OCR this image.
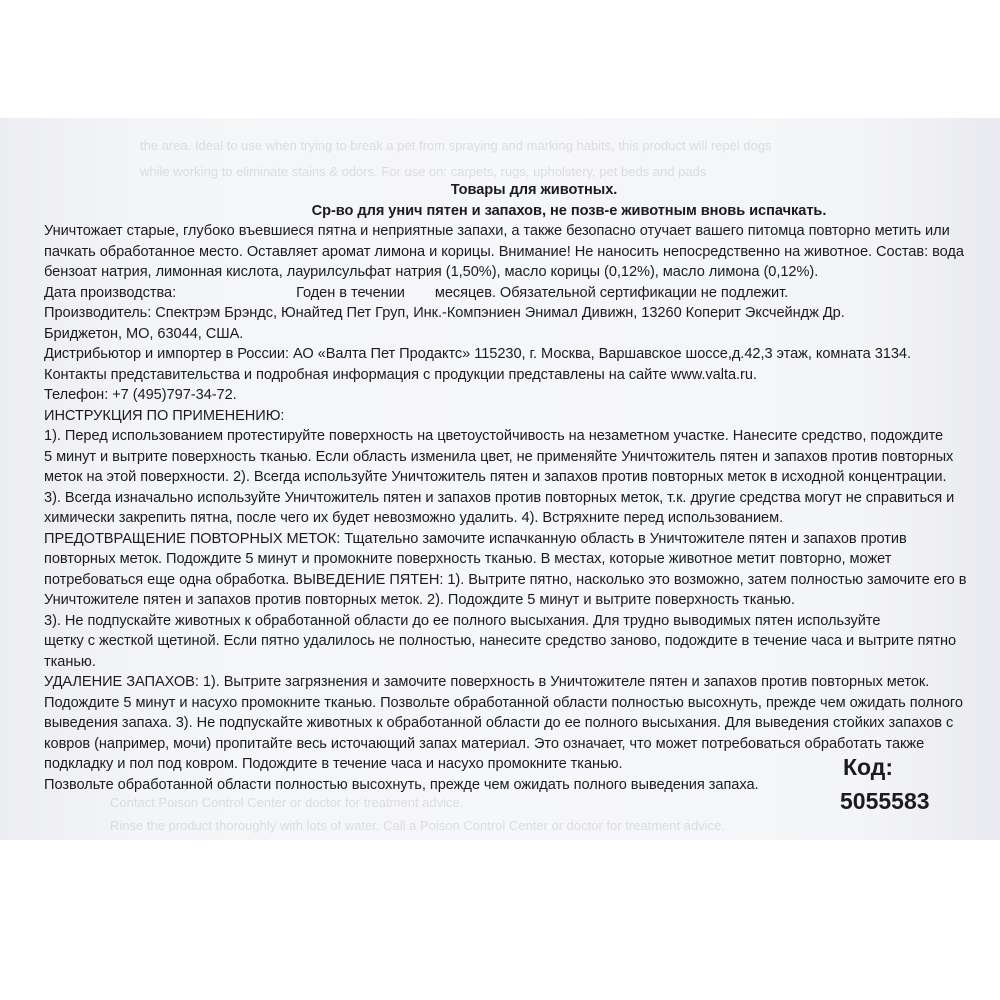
the area. Ideal to use when trying to break a pet from spraying and marking habits, this product will repel dogs
while working to eliminate stains & odors. For use on: carpets, rugs, upholstery, pet beds and pads
Contact Poison Control Center or doctor for treatment advice.
Rinse the product thoroughly with lots of water. Call a Poison Control Center or doctor for treatment advice.
Товары для животных.
Ср-во для унич пятен и запахов, не позв-е животным вновь испачкать.
Уничтожает старые, глубоко въевшиеся пятна и неприятные запахи, а также безопасно отучает вашего питомца повторно метить или
пачкать обработанное место. Оставляет аромат лимона и корицы. Внимание! Не наносить непосредственно на животное. Состав: вода
бензоат натрия, лимонная кислота, лаурилсульфат натрия (1,50%), масло корицы (0,12%), масло лимона (0,12%).
Дата производства:	Годен в течении месяцев. Обязательной сертификации не подлежит.
Производитель: Спектрэм Брэндс, Юнайтед Пет Груп, Инк.-Компэниен Энимал Дивижн, 13260 Коперит Эксчейндж Др.
Бриджетон, МО, 63044, США.
Дистрибьютор и импортер в России: АО «Валта Пет Продактс» 115230, г. Москва, Варшавское шоссе,д.42,3 этаж, комната 3134.
Контакты представительства и подробная информация с продукции представлены на сайте www.valta.ru.
Телефон: +7 (495)797-34-72.
ИНСТРУКЦИЯ ПО ПРИМЕНЕНИЮ:
1). Перед использованием протестируйте поверхность на цветоустойчивость на незаметном участке. Нанесите средство, подождите
5 минут и вытрите поверхность тканью. Если область изменила цвет, не применяйте Уничтожитель пятен и запахов против повторных
меток на этой поверхности. 2). Всегда используйте Уничтожитель пятен и запахов против повторных меток в исходной концентрации.
3). Всегда изначально используйте Уничтожитель пятен и запахов против повторных меток, т.к. другие средства могут не справиться и
химически закрепить пятна, после чего их будет невозможно удалить. 4). Встряхните перед использованием.
ПРЕДОТВРАЩЕНИЕ ПОВТОРНЫХ МЕТОК: Тщательно замочите испачканную область в Уничтожителе пятен и запахов против
повторных меток. Подождите 5 минут и промокните поверхность тканью. В местах, которые животное метит повторно, может
потребоваться еще одна обработка. ВЫВЕДЕНИЕ ПЯТЕН: 1). Вытрите пятно, насколько это возможно, затем полностью замочите его в
Уничтожителе пятен и запахов против повторных меток. 2). Подождите 5 минут и вытрите поверхность тканью.
3). Не подпускайте животных к обработанной области до ее полного высыхания. Для трудно выводимых пятен используйте
щетку с жесткой щетиной. Если пятно удалилось не полностью, нанесите средство заново, подождите в течение часа и вытрите пятно
тканью.
УДАЛЕНИЕ ЗАПАХОВ: 1). Вытрите загрязнения и замочите поверхность в Уничтожителе пятен и запахов против повторных меток.
Подождите 5 минут и насухо промокните тканью. Позвольте обработанной области полностью высохнуть, прежде чем ожидать полного
выведения запаха. 3). Не подпускайте животных к обработанной области до ее полного высыхания. Для выведения стойких запахов с
ковров (например, мочи) пропитайте весь источающий запах материал. Это означает, что может потребоваться обработать также
подкладку и пол под ковром. Подождите в течение часа и насухо промокните тканью.
Позвольте обработанной области полностью высохнуть, прежде чем ожидать полного выведения запаха.
Код:
5055583
